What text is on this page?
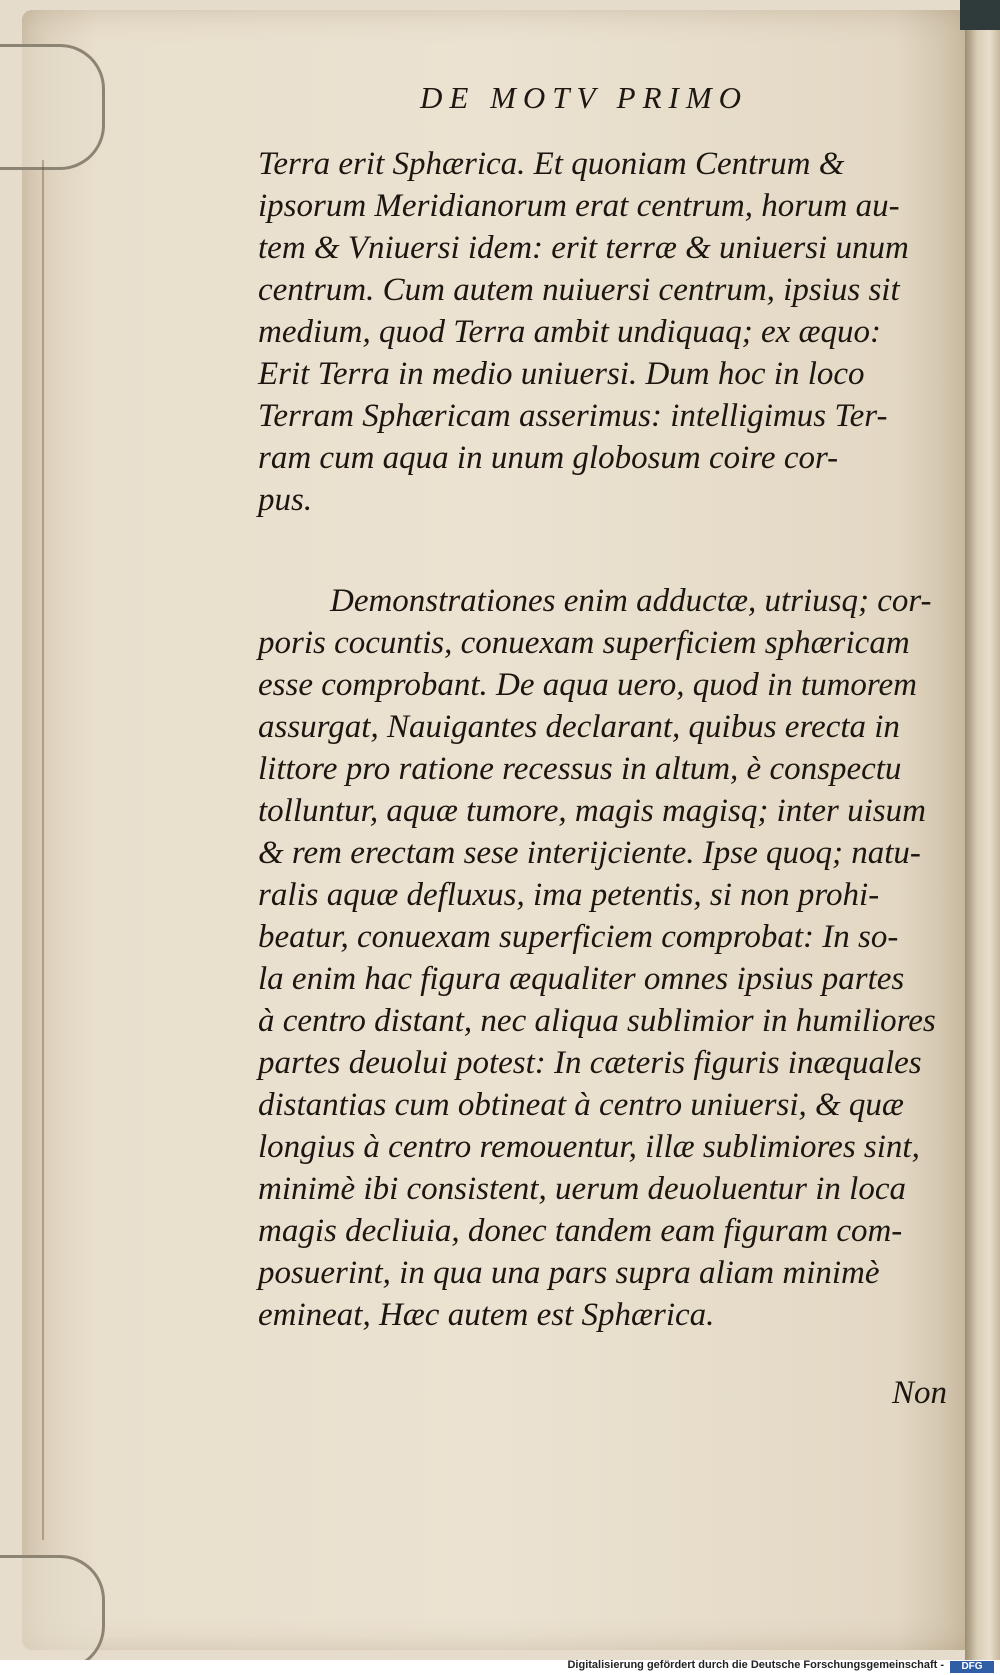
DE MOTV PRIMO
Terra erit Sphærica. Et quoniam Centrum &
ipsorum Meridianorum erat centrum, horum au-
tem & Vniuersi idem: erit terræ & uniuersi unum
centrum. Cum autem nuiuersi centrum, ipsius sit
medium, quod Terra ambit undiquaq; ex æquo:
Erit Terra in medio uniuersi. Dum hoc in loco
Terram Sphæricam asserimus: intelligimus Ter-
ram cum aqua in unum globosum coire cor-
pus.
Demonstrationes enim adductæ, utriusq; cor-
poris cocuntis, conuexam superficiem sphæricam
esse comprobant. De aqua uero, quod in tumorem
assurgat, Nauigantes declarant, quibus erecta in
littore pro ratione recessus in altum, è conspectu
tolluntur, aquæ tumore, magis magisq; inter uisum
& rem erectam sese interijciente. Ipse quoq; natu-
ralis aquæ defluxus, ima petentis, si non prohi-
beatur, conuexam superficiem comprobat: In so-
la enim hac figura æqualiter omnes ipsius partes
à centro distant, nec aliqua sublimior in humiliores
partes deuolui potest: In cæteris figuris inæquales
distantias cum obtineat à centro uniuersi, & quæ
longius à centro remouentur, illæ sublimiores sint,
minimè ibi consistent, uerum deuoluentur in loca
magis decliuia, donec tandem eam figuram com-
posuerint, in qua una pars supra aliam minimè
emineat, Hæc autem est Sphærica.
Non
Digitalisierung gefördert durch die Deutsche Forschungsgemeinschaft -	DFG
